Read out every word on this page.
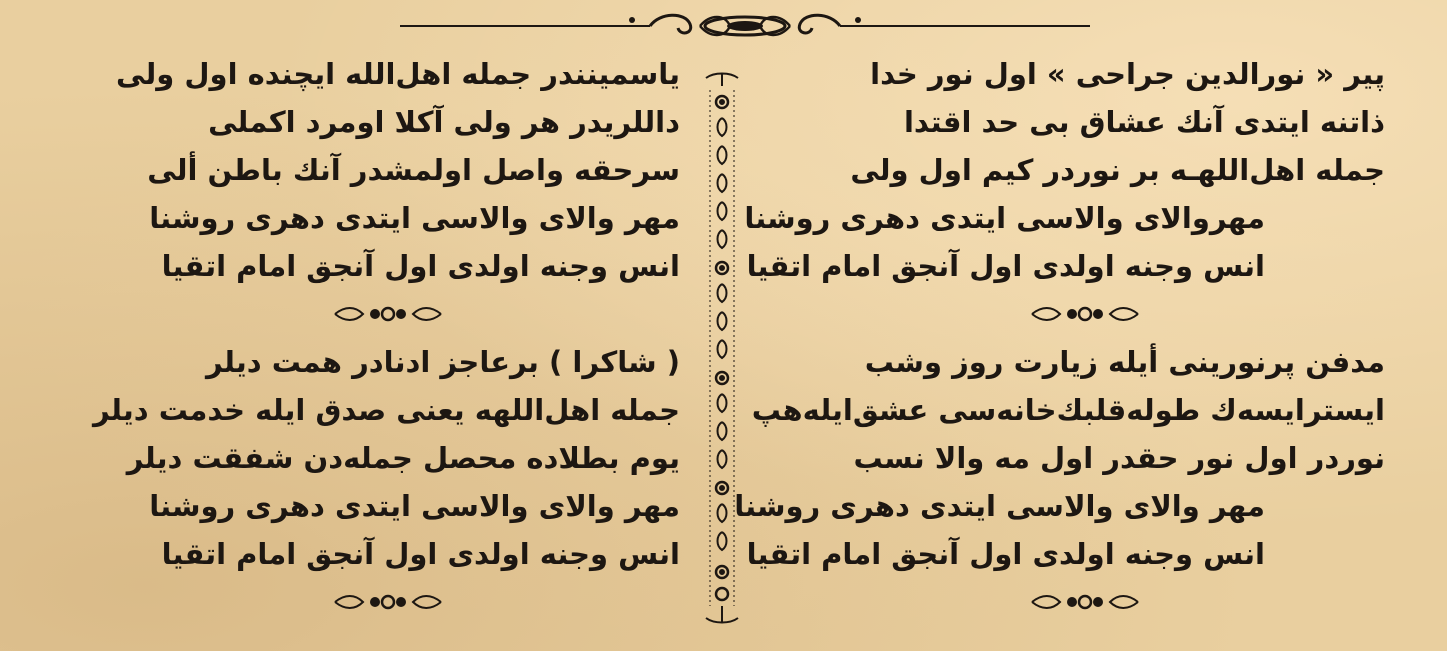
پیر « نورالدین جراحی » اول نور خدا
ذاتنه ایتدی آنك عشاق بی حد اقتدا
جمله اهل‌اللهـه بر نوردر کیم اول ولی
مهروالای والاسی ایتدی دهری روشنا
انس وجنه اولدی اول آنجق امام اتقیا
مدفن پرنورینی أیله زیارت روز وشب
ایسترایسه‌ك طوله‌قلبك‌خانه‌سی عشق‌ایله‌هپ
نوردر اول نور حقدر اول مه والا نسب
مهر والای والاسی ایتدی دهری روشنا
انس وجنه اولدی اول آنجق امام اتقیا
یاسمینندر جمله اهل‌الله ایچنده اول ولی
داللریدر هر ولی آکلا اومرد اکملی
سرحقه واصل اولمشدر آنك باطن ألی
مهر والای والاسی ایتدی دهری روشنا
انس وجنه اولدی اول آنجق امام اتقیا
( شاکرا ) برعاجز ادنادر همت دیلر
جمله اهل‌اللهه یعنی صدق ایله خدمت دیلر
یوم بطلاده محصل جمله‌دن شفقت دیلر
مهر والای والاسی ایتدی دهری روشنا
انس وجنه اولدی اول آنجق امام اتقیا
